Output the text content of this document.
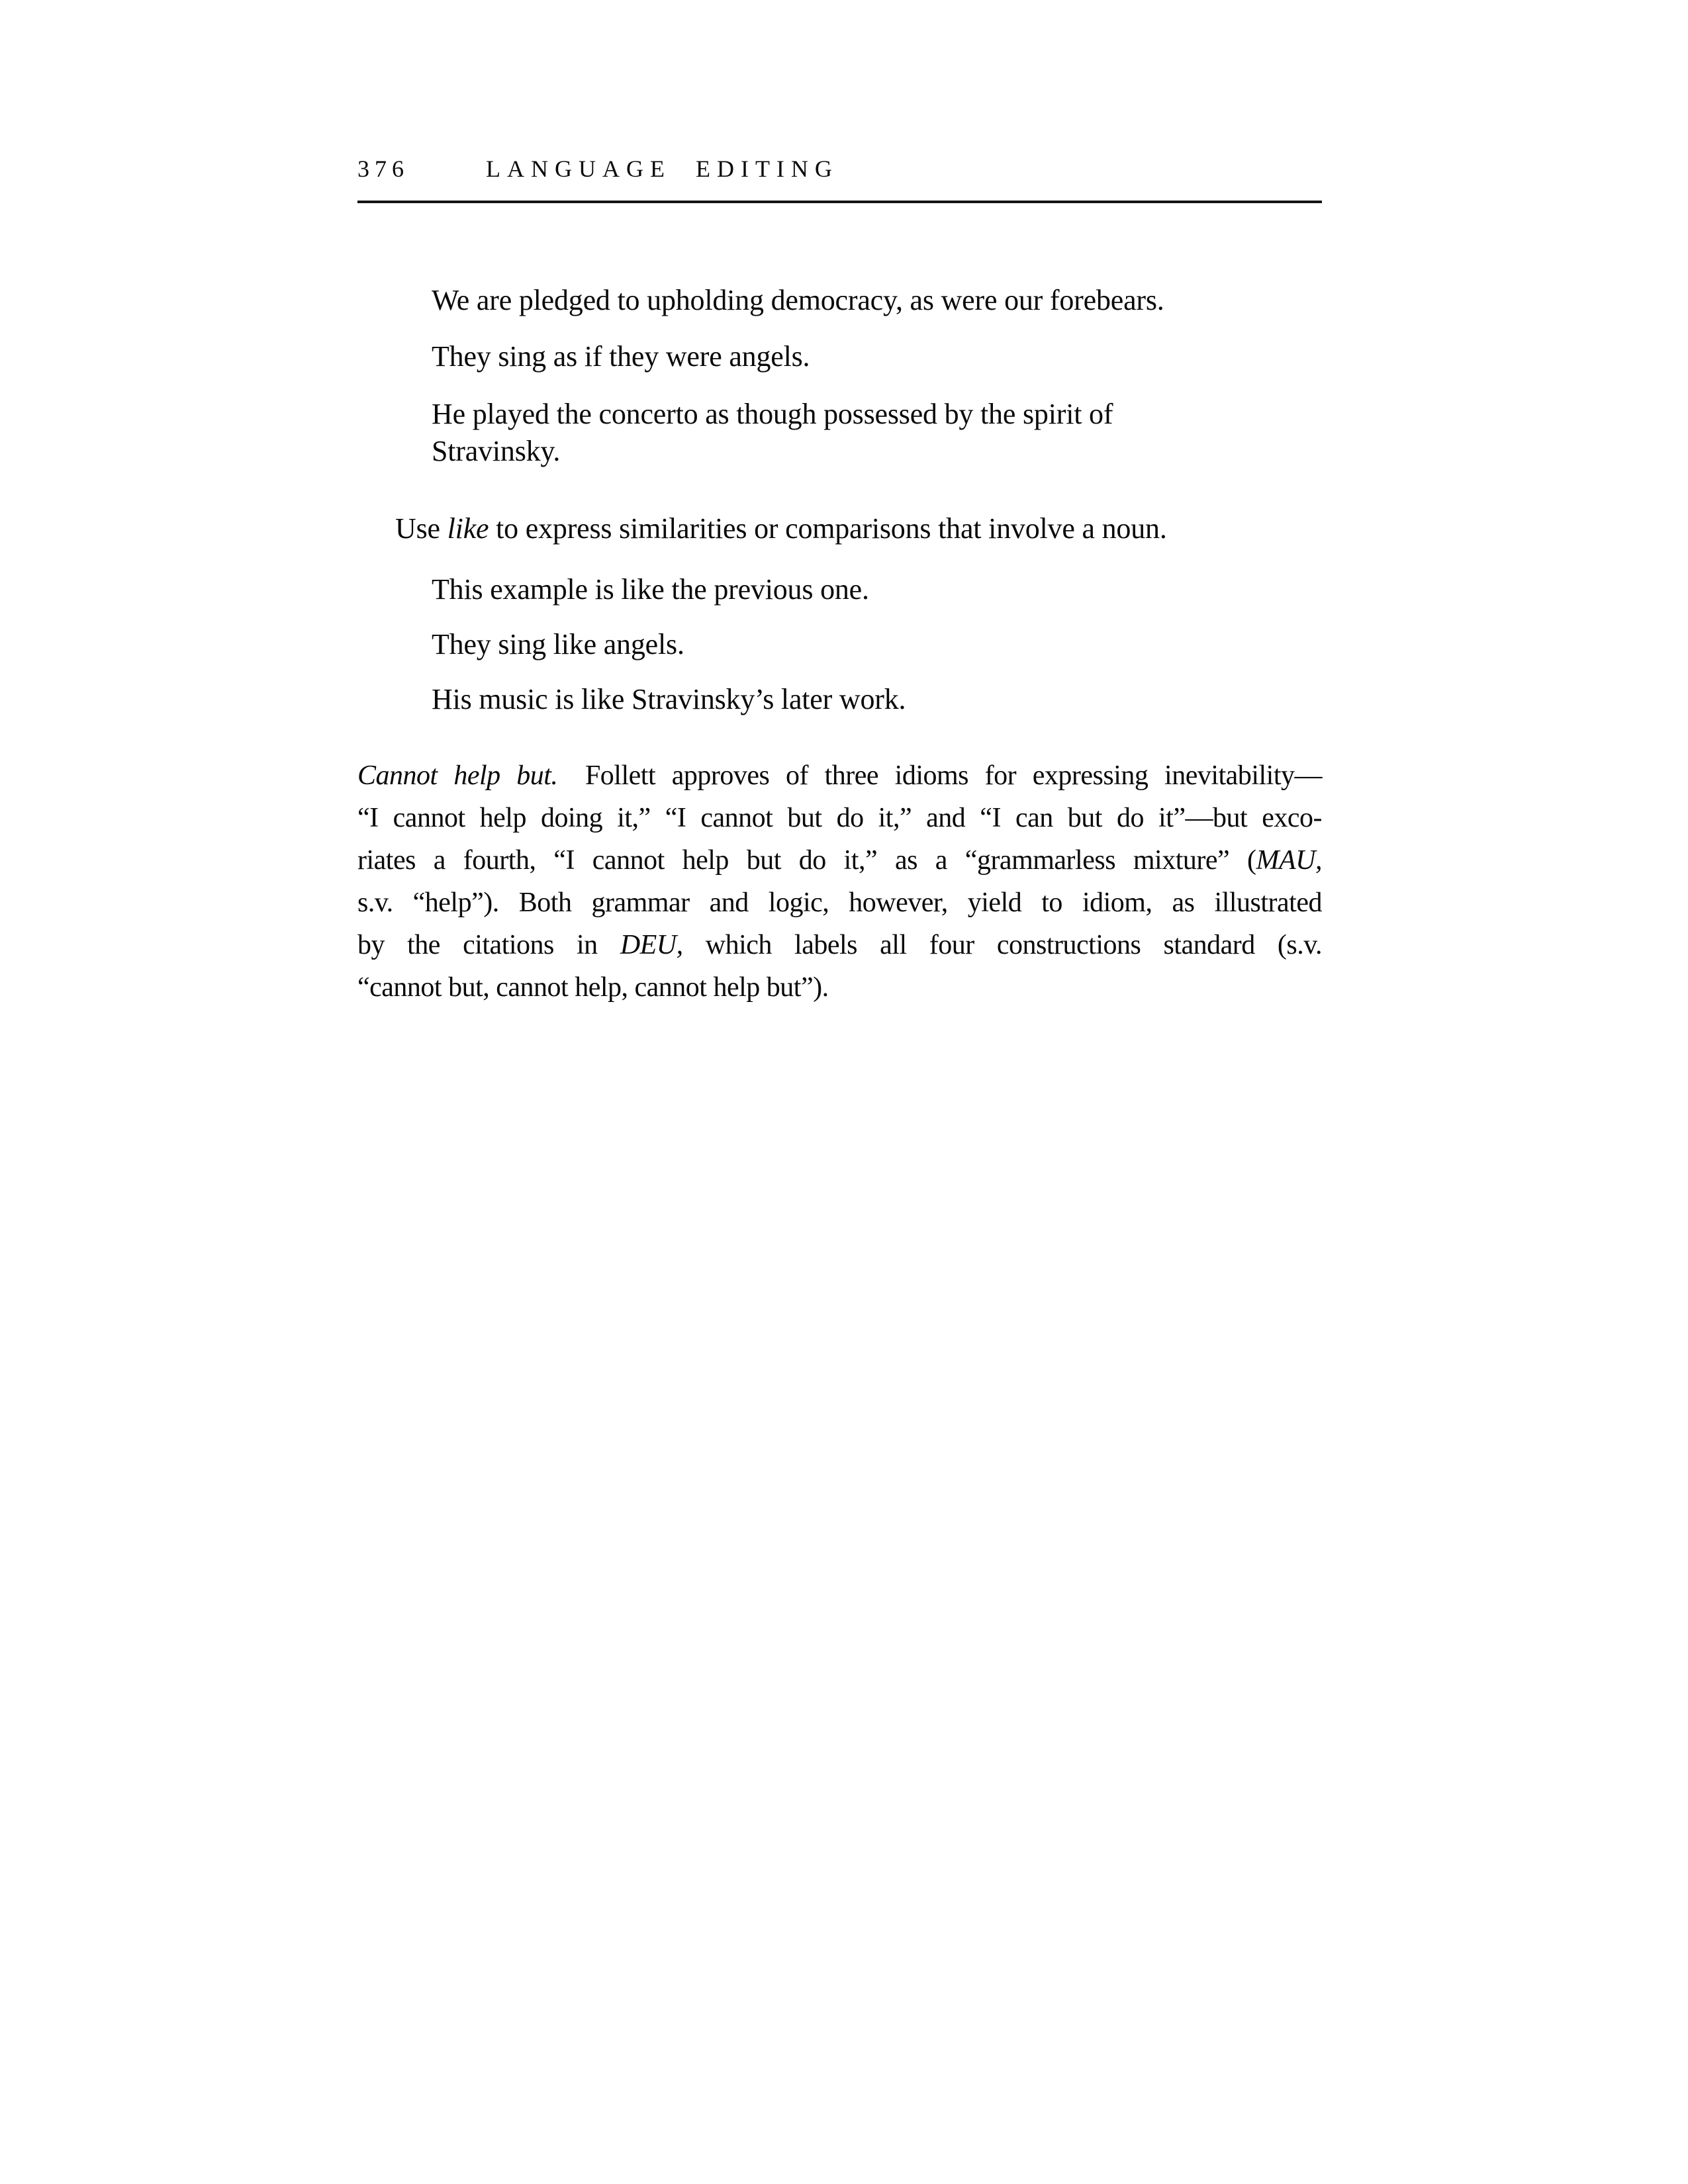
376	LANGUAGE EDITING
We are pledged to upholding democracy, as were our forebears.
They sing as if they were angels.
He played the concerto as though possessed by the spirit of
Stravinsky.
Use like to express similarities or comparisons that involve a noun.
This example is like the previous one.
They sing like angels.
His music is like Stravinsky’s later work.
Cannot help but. Follett approves of three idioms for expressing inevitability—
“I cannot help doing it,” “I cannot but do it,” and “I can but do it”—but exco-
riates a fourth, “I cannot help but do it,” as a “grammarless mixture” (MAU,
s.v. “help”). Both grammar and logic, however, yield to idiom, as illustrated
by the citations in DEU, which labels all four constructions standard (s.v.
“cannot but, cannot help, cannot help but”).
